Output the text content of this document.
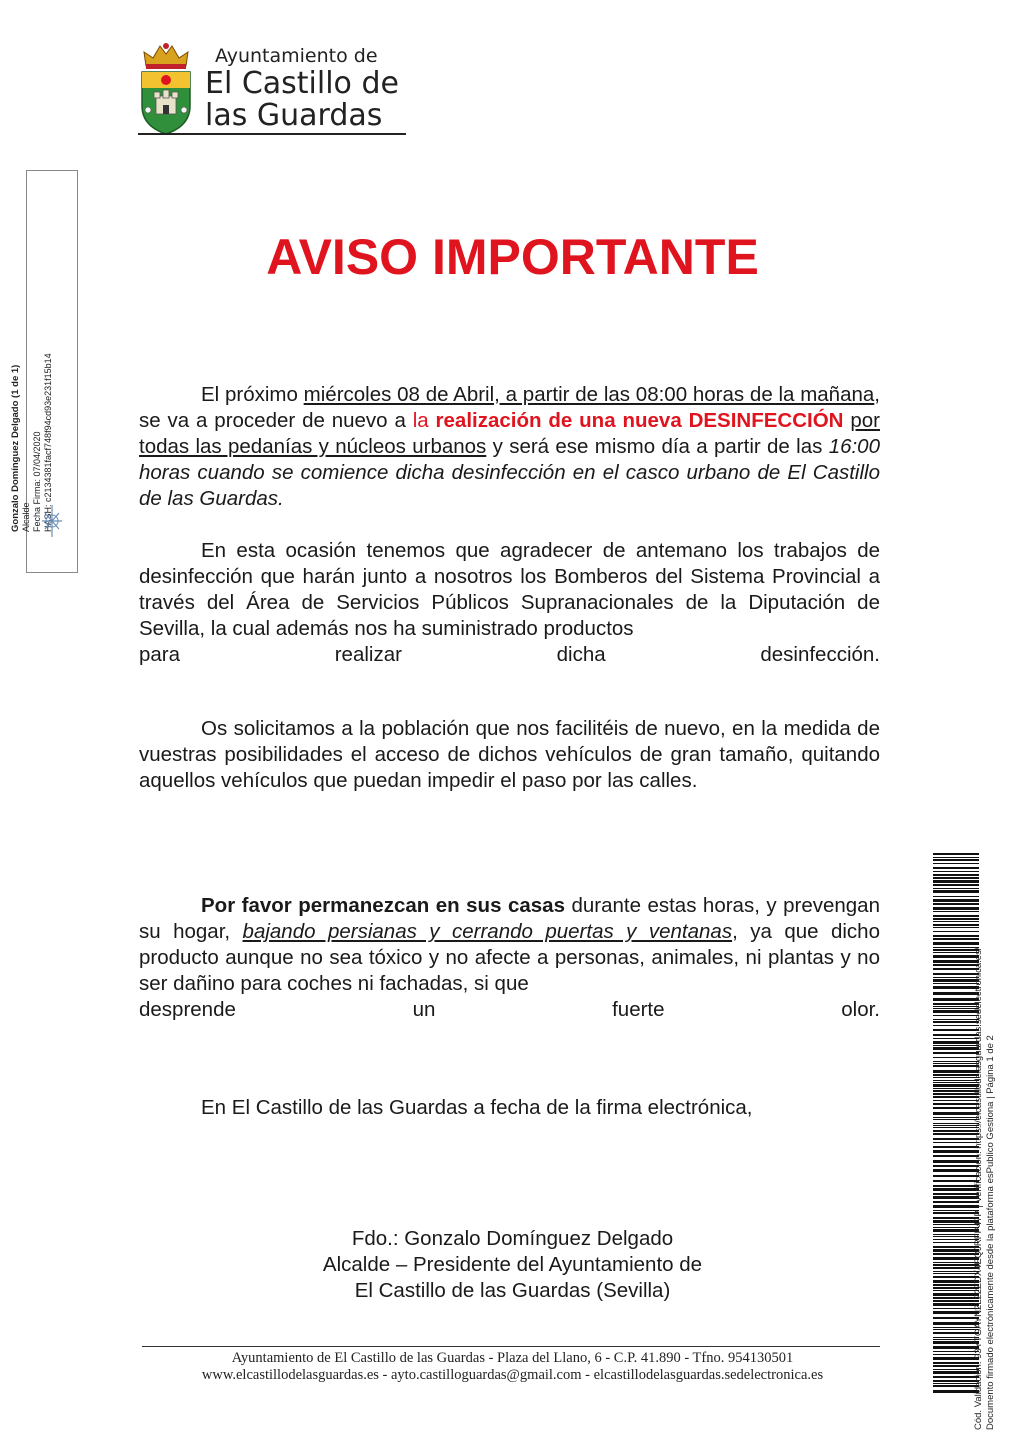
Ayuntamiento de
El Castillo de
las Guardas
Gonzalo Domínguez Delgado (1 de 1) Alcalde Fecha Firma: 07/04/2020 HASH: c2134381facf748f94cd93e231f15b14
AVISO IMPORTANTE
El próximo miércoles 08 de Abril, a partir de las 08:00 horas de la mañana, se va a proceder de nuevo a la realización de una nueva DESINFECCIÓN por todas las pedanías y núcleos urbanos y será ese mismo día a partir de las 16:00 horas cuando se comience dicha desinfección en el casco urbano de El Castillo de las Guardas.
En esta ocasión tenemos que agradecer de antemano los trabajos de desinfección que harán junto a nosotros los Bomberos del Sistema Provincial a través del Área de Servicios Públicos Supranacionales de la Diputación de Sevilla, la cual además nos ha suministrado productos
para realizar dicha desinfección.
Os solicitamos a la población que nos facilitéis de nuevo, en la medida de vuestras posibilidades el acceso de dichos vehículos de gran tamaño, quitando aquellos vehículos que puedan impedir el paso por las calles.
Por favor permanezcan en sus casas durante estas horas, y prevengan su hogar, bajando persianas y cerrando puertas y ventanas, ya que dicho producto aunque no sea tóxico y no afecte a personas, animales, ni plantas y no ser dañino para coches ni fachadas, si que
desprende un fuerte olor.
En El Castillo de las Guardas a fecha de la firma electrónica,
Fdo.: Gonzalo Domínguez Delgado
Alcalde – Presidente del Ayuntamiento de
El Castillo de las Guardas (Sevilla)
Ayuntamiento de El Castillo de las Guardas - Plaza del Llano, 6 - C.P. 41.890 - Tfno. 954130501
www.elcastillodelasguardas.es - ayto.castilloguardas@gmail.com - elcastillodelasguardas.sedelectronica.es	Cód. Validación: 93YTGAYN2L22ZDX4EQJRFP47P | Verificación: https://elcastillodelasguardas.sedelectronica.es/ Documento firmado electrónicamente desde la plataforma esPublico Gestiona | Página 1 de 2
